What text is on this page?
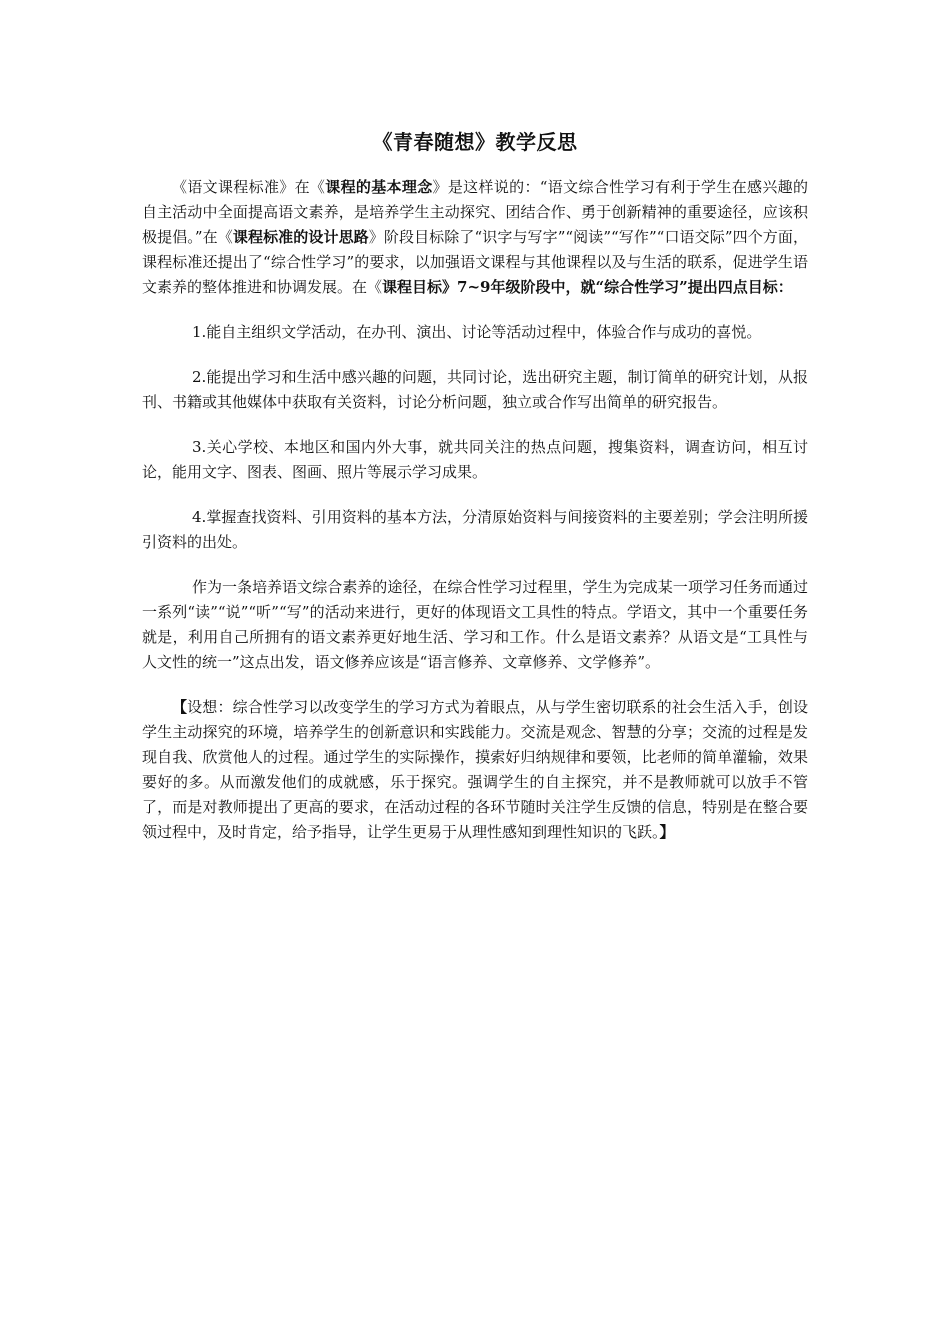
《青春随想》教学反思

《语文课程标准》在《课程的基本理念》是这样说的：“语文综合性学习有利于学生在感兴趣的自主活动中全面提高语文素养，是培养学生主动探究、团结合作、勇于创新精神的重要途径，应该积极提倡。”在《课程标准的设计思路》阶段目标除了“识字与写字”“阅读”“写作”“口语交际”四个方面，课程标准还提出了“综合性学习”的要求，以加强语文课程与其他课程以及与生活的联系，促进学生语文素养的整体推进和协调发展。在《课程目标》7~9年级阶段中，就“综合性学习”提出四点目标：

1.能自主组织文学活动，在办刊、演出、讨论等活动过程中，体验合作与成功的喜悦。

2.能提出学习和生活中感兴趣的问题，共同讨论，选出研究主题，制订简单的研究计划，从报刊、书籍或其他媒体中获取有关资料，讨论分析问题，独立或合作写出简单的研究报告。

3.关心学校、本地区和国内外大事，就共同关注的热点问题，搜集资料，调查访问，相互讨论，能用文字、图表、图画、照片等展示学习成果。

4.掌握查找资料、引用资料的基本方法，分清原始资料与间接资料的主要差别；学会注明所援引资料的出处。

作为一条培养语文综合素养的途径，在综合性学习过程里，学生为完成某一项学习任务而通过一系列“读”“说”“听”“写”的活动来进行，更好的体现语文工具性的特点。学语文，其中一个重要任务就是，利用自己所拥有的语文素养更好地生活、学习和工作。什么是语文素养？从语文是“工具性与人文性的统一”这点出发，语文修养应该是“语言修养、文章修养、文学修养”。

【设想：综合性学习以改变学生的学习方式为着眼点，从与学生密切联系的社会生活入手，创设学生主动探究的环境，培养学生的创新意识和实践能力。交流是观念、智慧的分享；交流的过程是发现自我、欣赏他人的过程。通过学生的实际操作，摸索好归纳规律和要领，比老师的简单灌输，效果要好的多。从而激发他们的成就感，乐于探究。强调学生的自主探究，并不是教师就可以放手不管了，而是对教师提出了更高的要求，在活动过程的各环节随时关注学生反馈的信息，特别是在整合要领过程中，及时肯定，给予指导，让学生更易于从理性感知到理性知识的飞跃。】
